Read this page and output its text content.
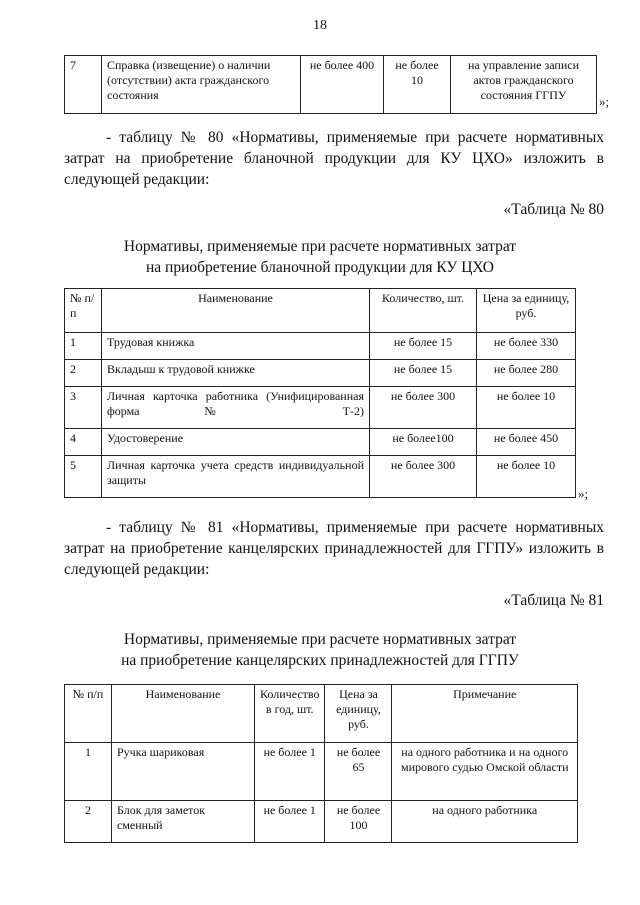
18
7	Справка (извещение) о наличии (отсутствии) акта гражданского состояния	не более 400	не более 10	на управление записи актов гражданского состояния ГГПУ	»;
- таблицу № 80 «Нормативы, применяемые при расчете нормативных затрат на приобретение бланочной продукции для КУ ЦХО» изложить в следующей редакции:
«Таблица № 80
Нормативы, применяемые при расчете нормативных затрат
на приобретение бланочной продукции для КУ ЦХО
№ п/п	Наименование	Количество, шт.	Цена за единицу, руб.
1	Трудовая книжка	не более 15	не более 330
2	Вкладыш к трудовой книжке	не более 15	не более 280
3	Личная карточка работника (Унифицированная форма № Т-2)	не более 300	не более 10
4	Удостоверение	не более100	не более 450
5	Личная карточка учета средств индивидуальной защиты	не более 300	не более 10
»;
- таблицу № 81 «Нормативы, применяемые при расчете нормативных затрат на приобретение канцелярских принадлежностей для ГГПУ» изложить в следующей редакции:
«Таблица № 81
Нормативы, применяемые при расчете нормативных затрат
на приобретение канцелярских принадлежностей для ГГПУ
№ п/п	Наименование	Количество в год, шт.	Цена за единицу, руб.	Примечание
1	Ручка шариковая	не более 1	не более 65	на одного работника и на одного мирового судью Омской области
2	Блок для заметок сменный	не более 1	не более 100	на одного работника
